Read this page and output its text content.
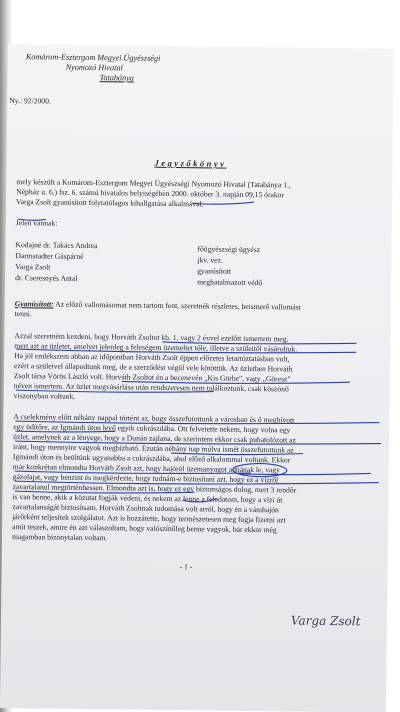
Komárom-Esztergom Megyei Ügyészségi
Nyomozó Hivatal
Tatabánya
Ny.: 92/2000.
Jegyzőkönyv
mely készült a Komárom-Esztergom Megyei Ügyészségi Nyomozó Hivatal (Tatabánya 1.,
Népház u. 6.) fsz. 6. számú hivatalos helyiségében 2000. október 3. napján 09,15 órakor
Varga Zsolt gyanúsított folytatólagos kihallgatása alkalmával.
Jelen vannak:
Kodajné dr. Takács Andrea
Darmstadter Gáspárné
Varga Zsolt
dr. Cseresnyés Antal
főügyészségi ügyész
jkv. vez.
gyanúsított
meghatalmazott védő
Gyanúsított: Az előző vallomásomat nem tartom fent, szeretnék részletes, beismerő vallomást
tenni.
Azzal szeretném kezdeni, hogy Horváth Zsoltot kb. 1, vagy 2 évvel ezelőtt ismertem meg,
mert azt az üzletet, amelyet jelenleg a feleségem üzemeltet tőle, illetve a szüleitől vásároltuk.
Ha jól emlékszem abban az időpontban Horváth Zsolt éppen előzetes letartóztatásban volt,
ezért a szüleivel állapodtunk meg, de a szerződést végül vele kötöttük. Az üzletben Horváth
Zsolt társa Vörös László volt. Horváth Zsoltot én a becenevén „Kis Görbe", vagy „Göresz"
néven ismertem. Az üzlet megvásárlása után rendszeresen nem találkoztunk, csak köszönő
viszonyban voltunk.
A cselekmény előtt néhány nappal történt az, hogy összefutottunk a városban és ő meghívott
egy üdítőre, az Igmándi úton levő egyik cukrászdába. Ott felvetette nekem, hogy volna egy
üzlet, amelynek az a lényege, hogy a Dunán zajlana, de szerintem ekkor csak puhatolózott az
iránt, hogy mennyire vagyok megbízható. Ezután néhány nap múlva ismét összefutottunk az
Igmándi úton és beültünk ugyanabba a cukrászdába, ahol előző alkalommal voltunk. Ekkor
már konkrétan elmondta Horváth Zsolt azt, hogy hajóról üzemanyagot adnának le, vagy
gázolajat, vagy benzint és megkérdezte, hogy tudnám-e biztosítani azt, hogy ez a vízről
zavartalanul megtörténhessen. Elmondta azt is, hogy ez egy biztonságos dolog, mert 3 rendőr
is van benne, akik a közutat fogják védeni, és nekem az lenne a feladatom, hogy a vízi út
zavartalanságát biztosítsam. Horváth Zsoltnak tudomása volt arról, hogy én a vámhajón
járőrként teljesítek szolgálatot. Azt is hozzátette, hogy természetesen meg fogja fizetni azt
amit teszek, amire én azt válaszoltam, hogy valószínűleg benne vagyok, bár ekkor még
magamban bizonytalan voltam.
- 1 -
Varga Zsolt
